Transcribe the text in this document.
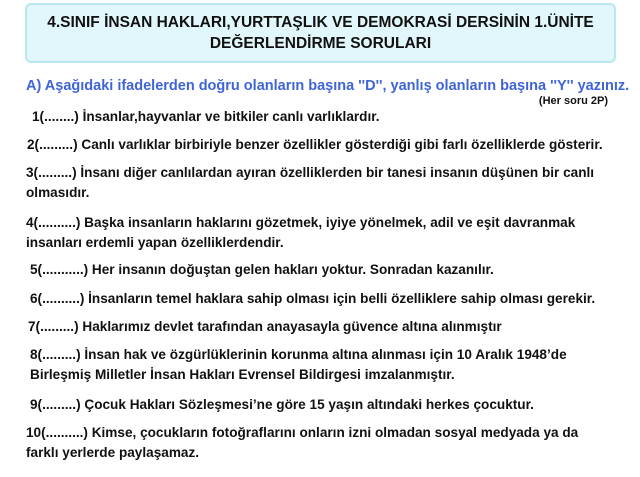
4.SINIF İNSAN HAKLARI,YURTTAŞLIK VE DEMOKRASİ DERSİNİN 1.ÜNİTE
DEĞERLENDİRME SORULARI
A) Aşağıdaki ifadelerden doğru olanların başına ''D'', yanlış olanların başına ''Y'' yazınız.
(Her soru 2P)
1(........) İnsanlar,hayvanlar ve bitkiler canlı varlıklardır.
2(.........) Canlı varlıklar birbiriyle benzer özellikler gösterdiği gibi farlı özelliklerde gösterir.
3(.........) İnsanı diğer canlılardan ayıran özelliklerden bir tanesi insanın düşünen bir canlı
olmasıdır.
4(..........) Başka insanların haklarını gözetmek, iyiye yönelmek, adil ve eşit davranmak
insanları erdemli yapan özelliklerdendir.
5(...........) Her insanın doğuştan gelen hakları yoktur. Sonradan kazanılır.
6(..........) İnsanların temel haklara sahip olması için belli özelliklere sahip olması gerekir.
7(.........) Haklarımız devlet tarafından anayasayla güvence altına alınmıştır
8(.........) İnsan hak ve özgürlüklerinin korunma altına alınması için 10 Aralık 1948’de
Birleşmiş Milletler İnsan Hakları Evrensel Bildirgesi imzalanmıştır.
9(.........) Çocuk Hakları Sözleşmesi’ne göre 15 yaşın altındaki herkes çocuktur.
10(..........) Kimse, çocukların fotoğraflarını onların izni olmadan sosyal medyada ya da
farklı yerlerde paylaşamaz.
